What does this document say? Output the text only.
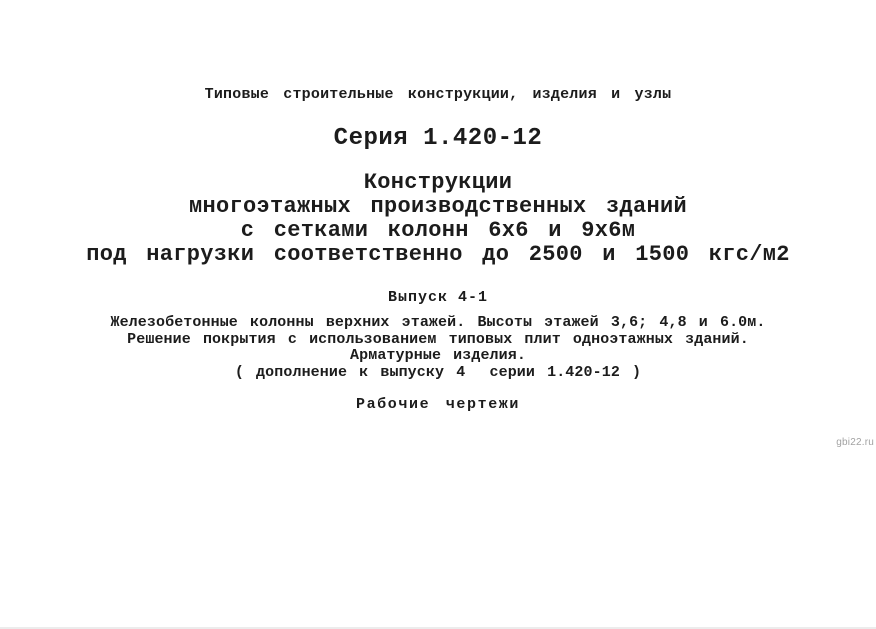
Типовые строительные конструкции, изделия и узлы
Серия 1.420-12
Конструкции
многоэтажных производственных зданий
с сетками колонн 6х6 и 9х6м
под нагрузки соответственно до 2500 и 1500 кгс/м2
Выпуск 4-1
Железобетонные колонны верхних этажей. Высоты этажей 3,6; 4,8 и 6.0м.
Решение покрытия с использованием типовых плит одноэтажных зданий.
Арматурные изделия.
( дополнение к выпуску 4  серии 1.420-12 )
Рабочие чертежи
gbi22.ru
